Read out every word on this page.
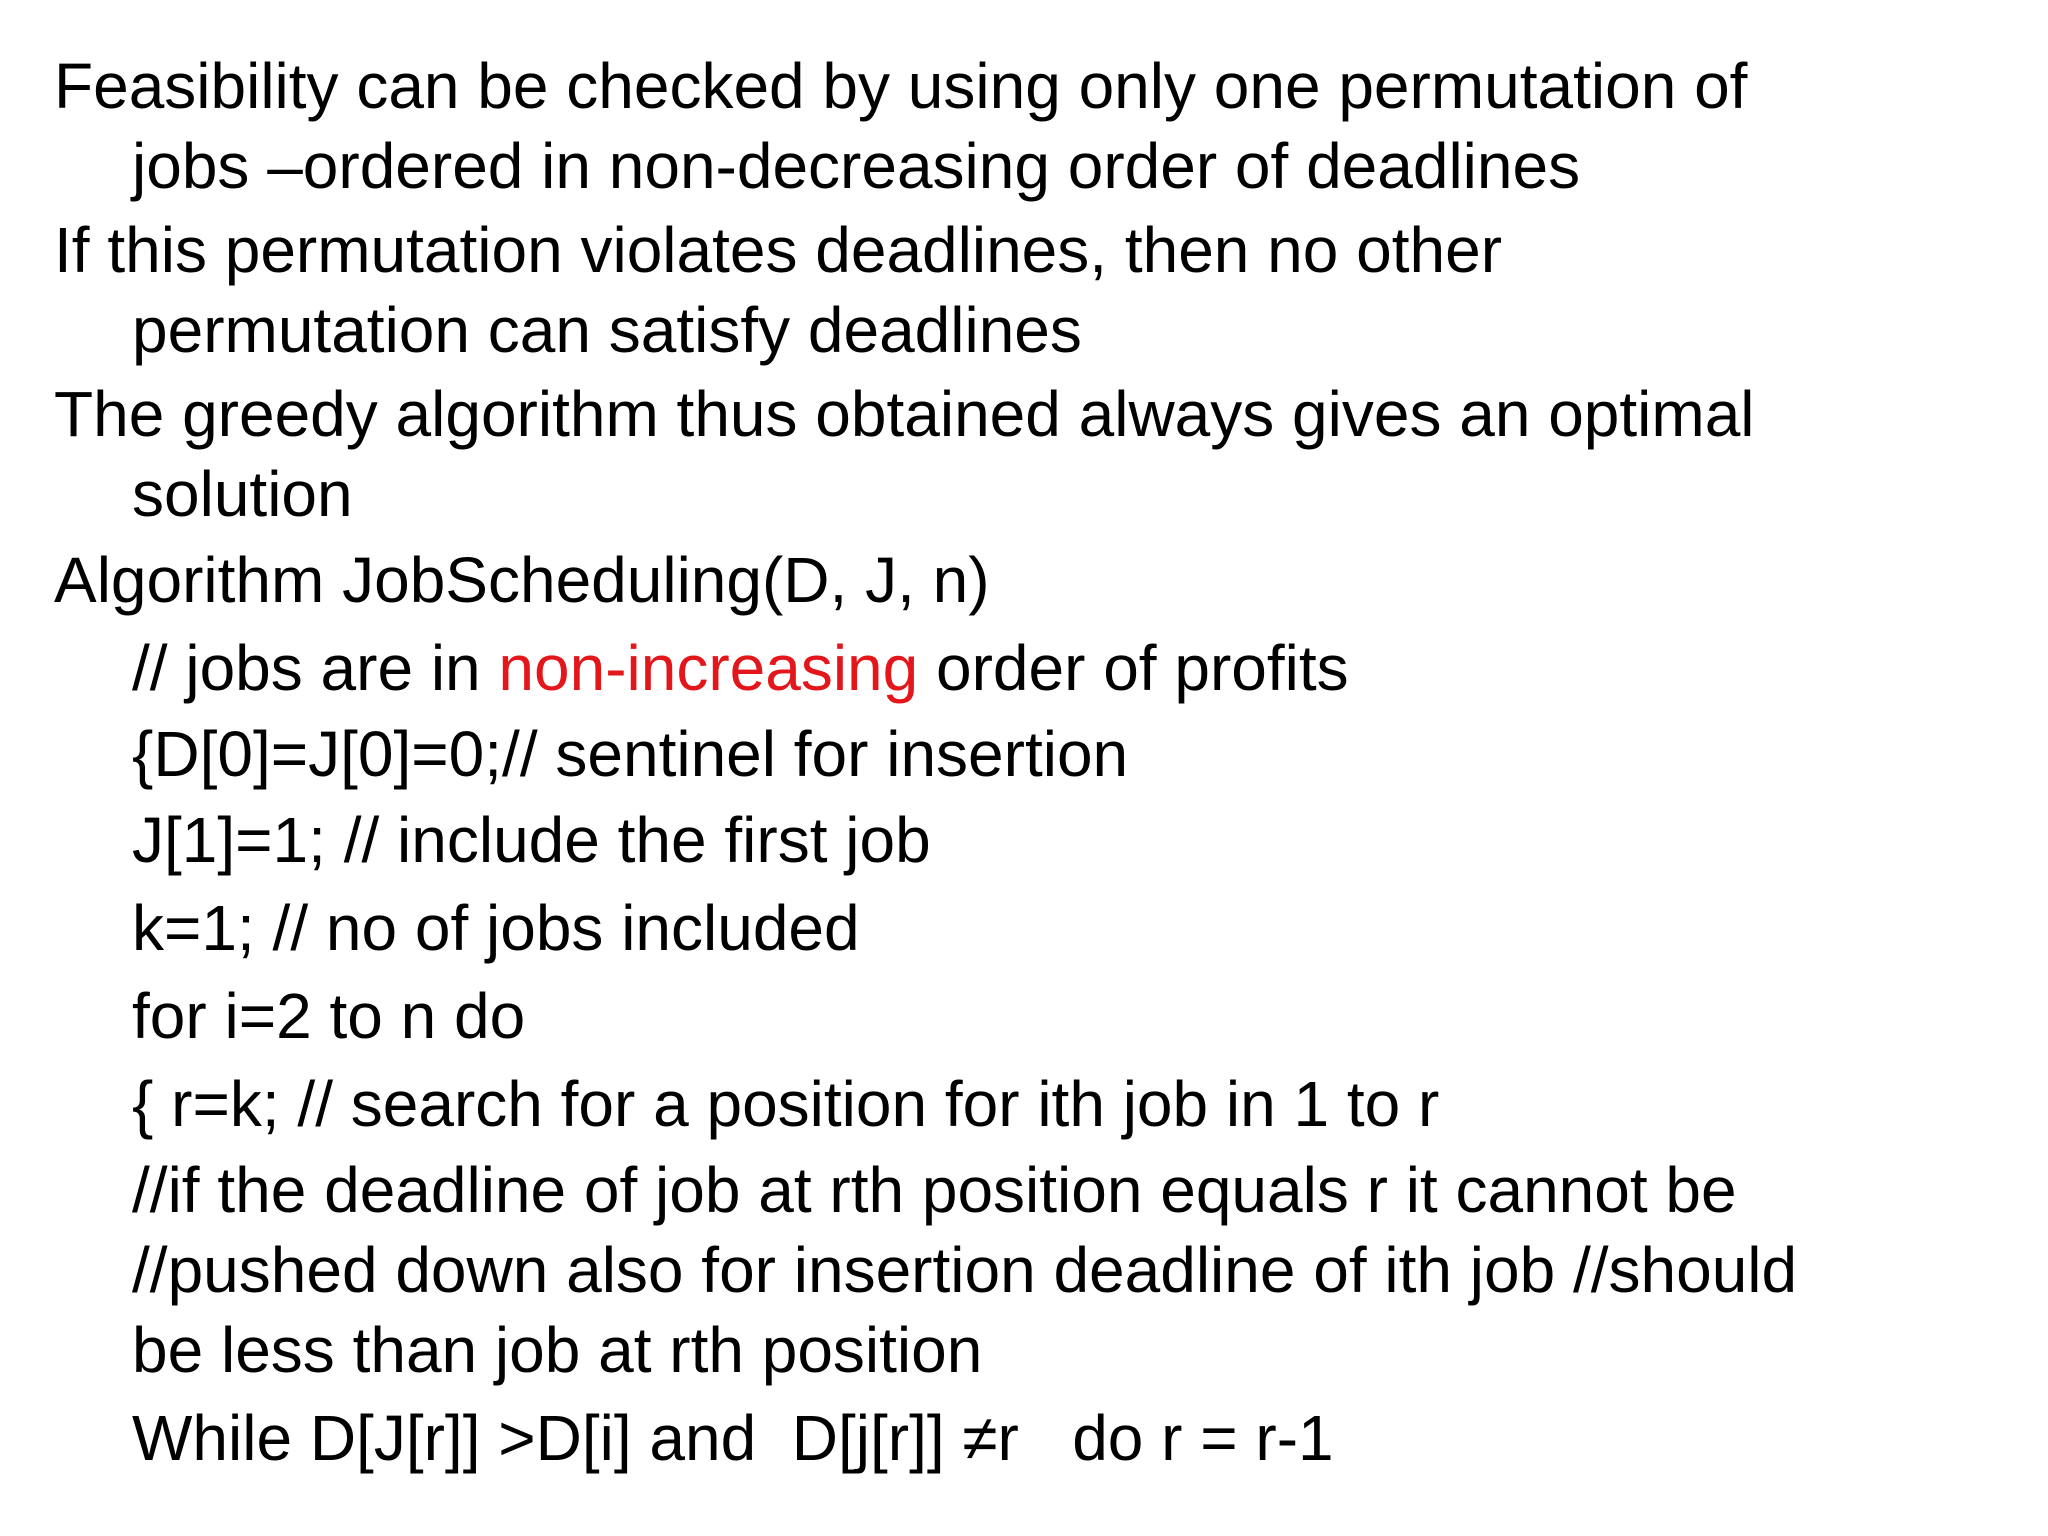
Feasibility can be checked by using only one permutation of
jobs –ordered in non-decreasing order of deadlines
If this permutation violates deadlines, then no other
permutation can satisfy deadlines
The greedy algorithm thus obtained always gives an optimal
solution
Algorithm JobScheduling(D, J, n)
// jobs are in non-increasing order of profits
{D[0]=J[0]=0;// sentinel for insertion
J[1]=1; // include the first job
k=1; // no of jobs included
for i=2 to n do
{ r=k; // search for a position for ith job in 1 to r
//if the deadline of job at rth position equals r it cannot be
//pushed down also for insertion deadline of ith job //should
be less than job at rth position
While D[J[r]] >D[i] and  D[j[r]] ≠r   do r = r-1
